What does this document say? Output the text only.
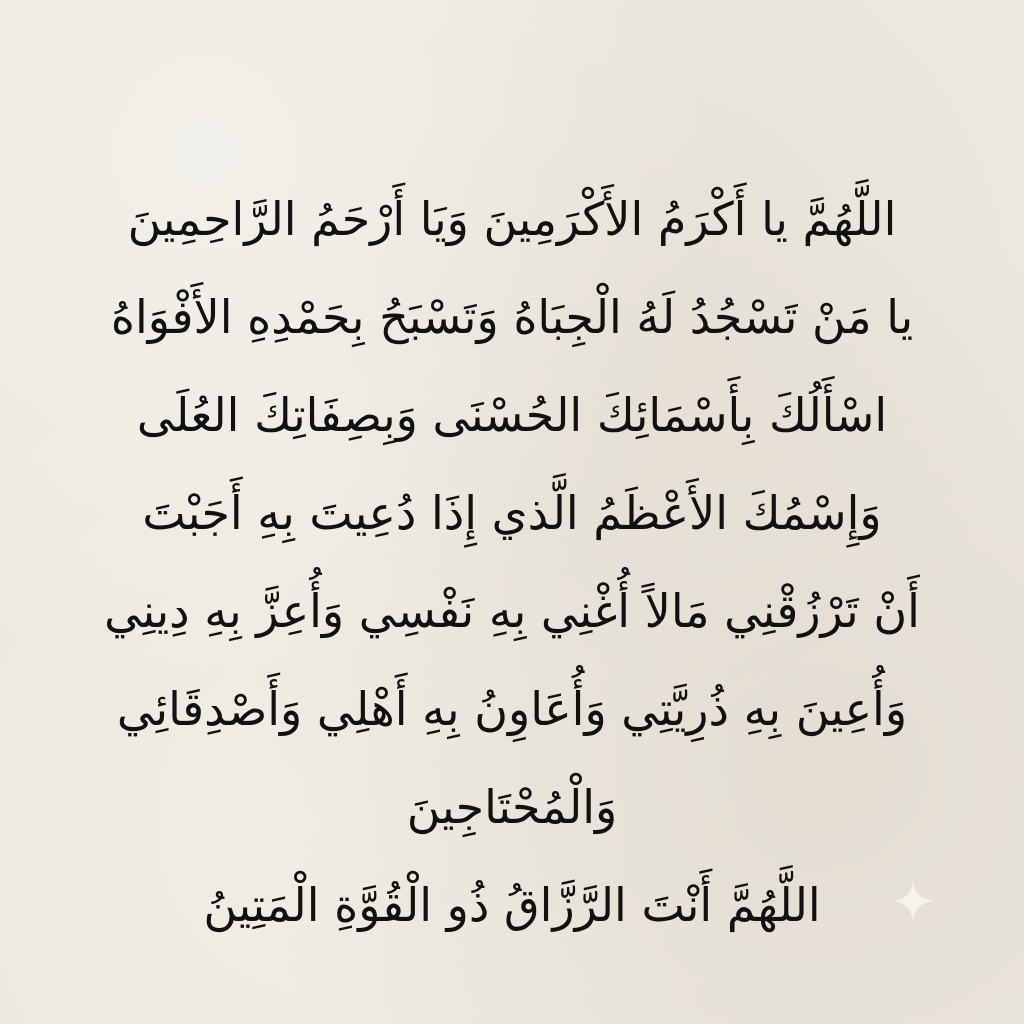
اللَّهُمَّ يا أَكْرَمُ الأَكْرَمِينَ وَيَا أَرْحَمُ الرَّاحِمِينَ
يا مَنْ تَسْجُدُ لَهُ الْجِبَاهُ وَتَسْبَحُ بِحَمْدِهِ الأَفْوَاهُ
اسْأَلُكَ بِأَسْمَائِكَ الحُسْنَى وَبِصِفَاتِكَ العُلَى
وَإِسْمُكَ الأَعْظَمُ الَّذي إِذَا دُعِيتَ بِهِ أَجَبْتَ
أَنْ تَرْزُقْنِي مَالاً أُغْنِي بِهِ نَفْسِي وَأُعِزَّ بِهِ دِينِي
وَأُعِينَ بِهِ ذُرِيَّتِي وَأُعَاوِنُ بِهِ أَهْلِي وَأَصْدِقَائِي
وَالْمُحْتَاجِينَ
اللَّهُمَّ أَنْتَ الرَّزَّاقُ ذُو الْقُوَّةِ الْمَتِينُ
